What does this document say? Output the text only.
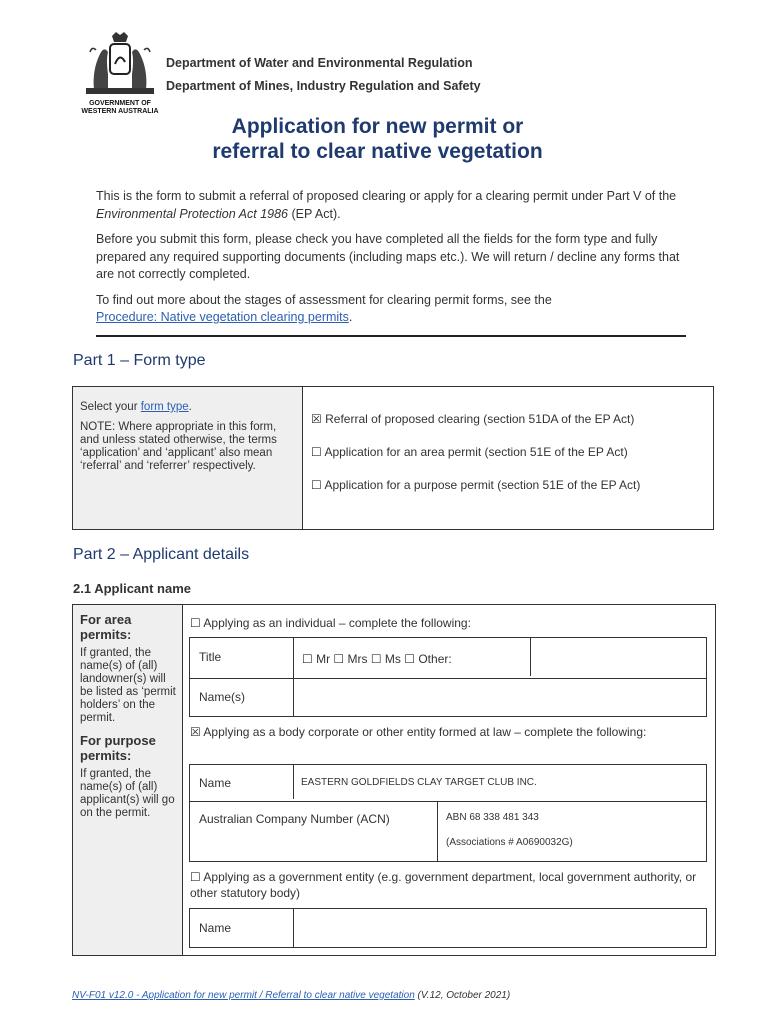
GOVERNMENT OF
WESTERN AUSTRALIA
Department of Water and Environmental Regulation
Department of Mines, Industry Regulation and Safety
Application for new permit or
referral to clear native vegetation

This is the form to submit a referral of proposed clearing or apply for a clearing permit under Part V of the Environmental Protection Act 1986 (EP Act).

Before you submit this form, please check you have completed all the fields for the form type and fully prepared any required supporting documents (including maps etc.). We will return / decline any forms that are not correctly completed.

To find out more about the stages of assessment for clearing permit forms, see the
Procedure: Native vegetation clearing permits.

Part 1 – Form type

Select your form type.

NOTE: Where appropriate in this form, and unless stated otherwise, the terms ‘application’ and ‘applicant’ also mean ‘referral’ and ‘referrer’ respectively.

☒ Referral of proposed clearing (section 51DA of the EP Act)
☐ Application for an area permit (section 51E of the EP Act)
☐ Application for a purpose permit (section 51E of the EP Act)
Part 2 – Applicant details
2.1 Applicant name
For area permits:
If granted, the name(s) of (all) landowner(s) will be listed as ‘permit holders’ on the permit.
For purpose permits:
If granted, the name(s) of (all) applicant(s) will go on the permit.
☐ Applying as an individual – complete the following:
Title	☐ Mr ☐ Mrs ☐ Ms ☐ Other:
Name(s)
☒ Applying as a body corporate or other entity formed at law – complete the following:
Name	EASTERN GOLDFIELDS CLAY TARGET CLUB INC.
Australian Company Number (ACN)	ABN 68 338 481 343
(Associations # A0690032G)
☐ Applying as a government entity (e.g. government department, local government authority, or other statutory body)
Name
NV-F01 v12.0 - Application for new permit / Referral to clear native vegetation (V.12, October 2021)
